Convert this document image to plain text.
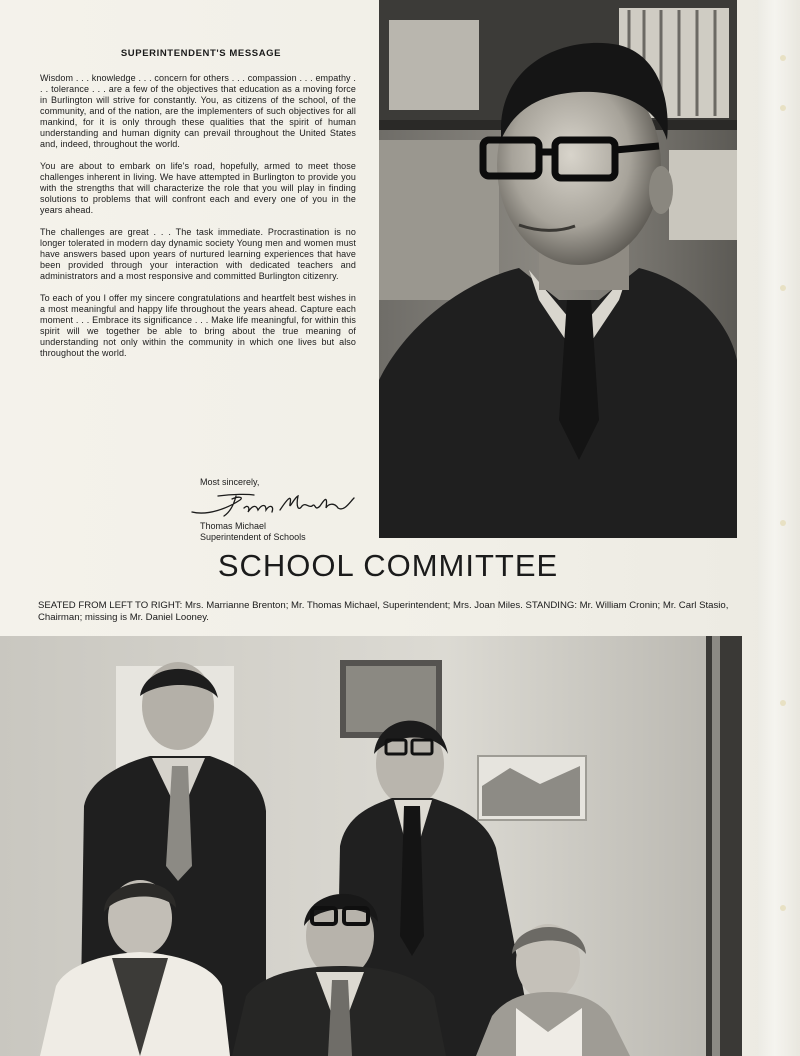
SUPERINTENDENT'S MESSAGE

Wisdom . . . knowledge . . . concern for others . . . compassion . . . empathy . . . tolerance . . . are a few of the objectives that education as a moving force in Burlington will strive for constantly. You, as citizens of the school, of the community, and of the nation, are the implementers of such objectives for all mankind, for it is only through these qualities that the spirit of human understanding and human dignity can prevail throughout the United States and, indeed, throughout the world.

You are about to embark on life's road, hopefully, armed to meet those challenges inherent in living. We have attempted in Burlington to provide you with the strengths that will characterize the role that you will play in finding solutions to problems that will confront each and every one of you in the years ahead.

The challenges are great . . . The task immediate. Procrastination is no longer tolerated in modern day dynamic society Young men and women must have answers based upon years of nurtured learning experiences that have been provided through your interaction with dedicated teachers and administrators and a most responsive and committed Burlington citizenry.

To each of you I offer my sincere congratulations and heartfelt best wishes in a most meaningful and happy life throughout the years ahead. Capture each moment . . . Embrace its significance . . . Make life meaningful, for within this spirit will we together be able to bring about the true meaning of understanding not only within the community in which one lives but also throughout the world.

Most sincerely,
Thomas Michael
Superintendent of Schools
SCHOOL COMMITTEE

SEATED FROM LEFT TO RIGHT: Mrs. Marrianne Brenton; Mr. Thomas Michael, Superintendent; Mrs. Joan Miles. STANDING: Mr. William Cronin; Mr. Carl Stasio, Chairman; missing is Mr. Daniel Looney.
